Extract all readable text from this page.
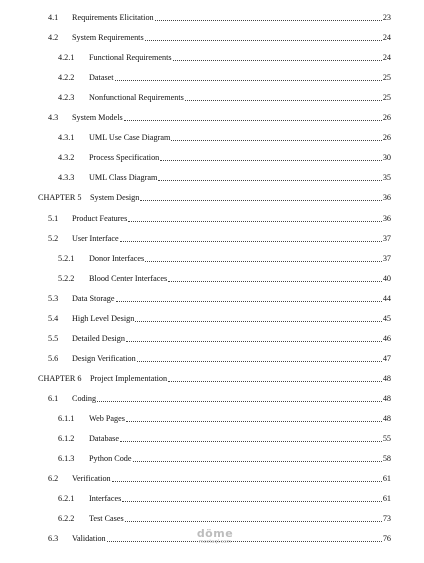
4.1	Requirements Elicitation	23
4.2	System Requirements	24
4.2.1	Functional Requirements	24
4.2.2	Dataset	25
4.2.3	Nonfunctional Requirements	25
4.3	System Models	26
4.3.1	UML Use Case Diagram	26
4.3.2	Process Specification	30
4.3.3	UML Class Diagram	35
CHAPTER 5	System Design	36
5.1	Product Features	36
5.2	User Interface	37
5.2.1	Donor Interfaces	37
5.2.2	Blood Center Interfaces	40
5.3	Data Storage	44
5.4	High Level Design	45
5.5	Detailed Design	46
5.6	Design Verification	47
CHAPTER 6	Project Implementation	48
6.1	Coding	48
6.1.1	Web Pages	48
6.1.2	Database	55
6.1.3	Python Code	58
6.2	Verification	61
6.2.1	Interfaces	61
6.2.2	Test Cases	73
6.3	Validation	76
döme
mostaql.com
